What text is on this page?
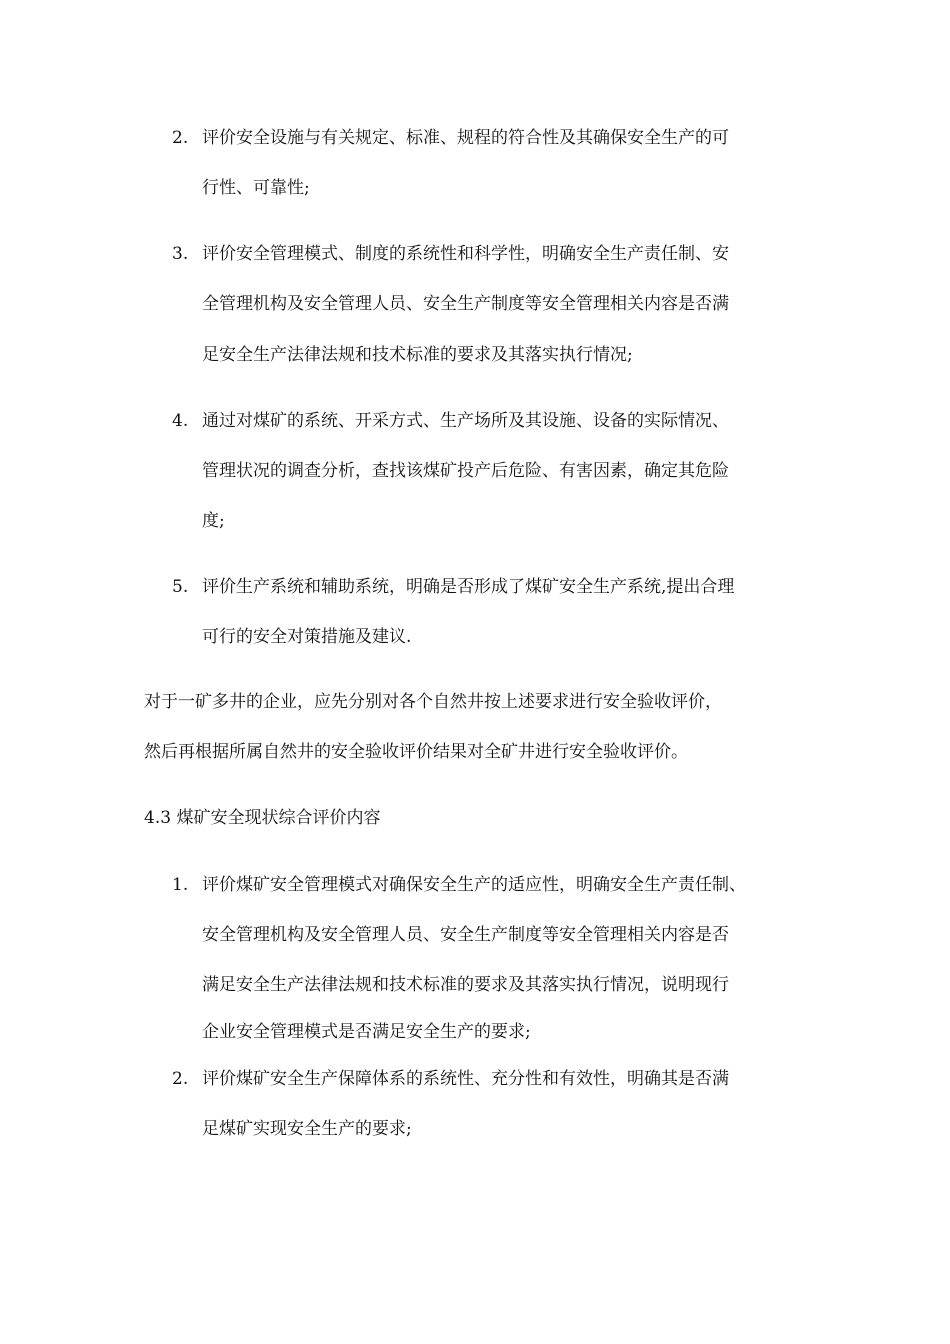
2. 评价安全设施与有关规定、标准、规程的符合性及其确保安全生产的可
行性、可靠性;
3. 评价安全管理模式、制度的系统性和科学性，明确安全生产责任制、安
全管理机构及安全管理人员、安全生产制度等安全管理相关内容是否满
足安全生产法律法规和技术标准的要求及其落实执行情况;
4. 通过对煤矿的系统、开采方式、生产场所及其设施、设备的实际情况、
管理状况的调查分析，查找该煤矿投产后危险、有害因素，确定其危险
度;
5. 评价生产系统和辅助系统，明确是否形成了煤矿安全生产系统,提出合理
可行的安全对策措施及建议.
对于一矿多井的企业，应先分别对各个自然井按上述要求进行安全验收评价，
然后再根据所属自然井的安全验收评价结果对全矿井进行安全验收评价。
4.3 煤矿安全现状综合评价内容
1. 评价煤矿安全管理模式对确保安全生产的适应性，明确安全生产责任制、
安全管理机构及安全管理人员、安全生产制度等安全管理相关内容是否
满足安全生产法律法规和技术标准的要求及其落实执行情况，说明现行
企业安全管理模式是否满足安全生产的要求;
2. 评价煤矿安全生产保障体系的系统性、充分性和有效性，明确其是否满
足煤矿实现安全生产的要求;
